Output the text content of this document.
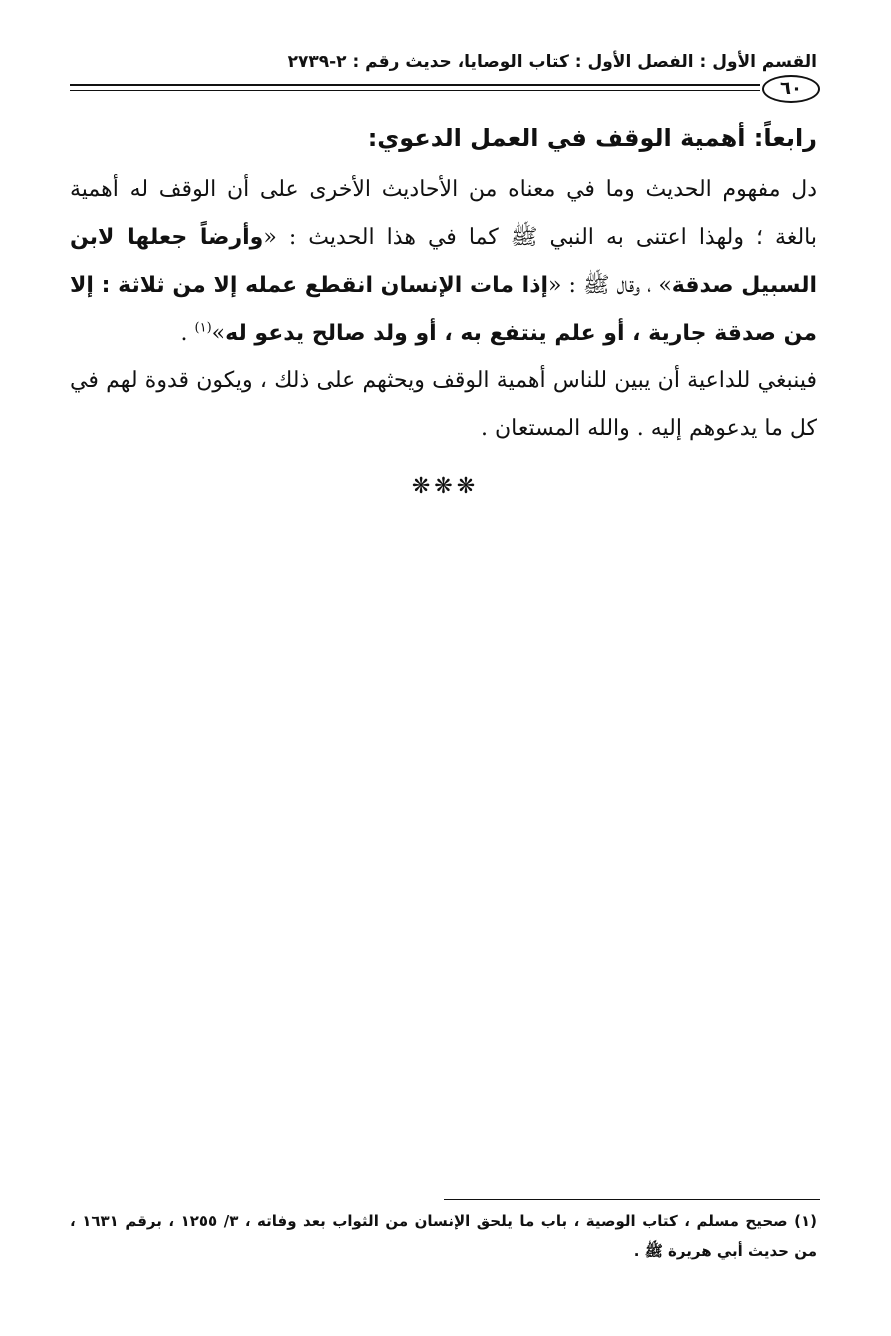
القسم الأول : الفصل الأول : كتاب الوصايا، حديث رقم : ٢-٢٧٣٩
٦٠
رابعاً: أهمية الوقف في العمل الدعوي:
دل مفهوم الحديث وما في معناه من الأحاديث الأخرى على أن الوقف له أهمية بالغة ؛ ولهذا اعتنى به النبي ﷺ كما في هذا الحديث : «وأرضاً جعلها لابن السبيل صدقة» ، وقال ﷺ : «إذا مات الإنسان انقطع عمله إلا من ثلاثة : إلا من صدقة جارية ، أو علم ينتفع به ، أو ولد صالح يدعو له»$^{(١)}$ .
فينبغي للداعية أن يبين للناس أهمية الوقف ويحثهم على ذلك ، ويكون قدوة لهم في كل ما يدعوهم إليه . والله المستعان .
❋❋❋
(١) صحيح مسلم ، كتاب الوصية ، باب ما يلحق الإنسان من الثواب بعد وفاته ، ٣/ ١٢٥٥ ، برقم ١٦٣١ ، من حديث أبي هريرة ﷺ .
